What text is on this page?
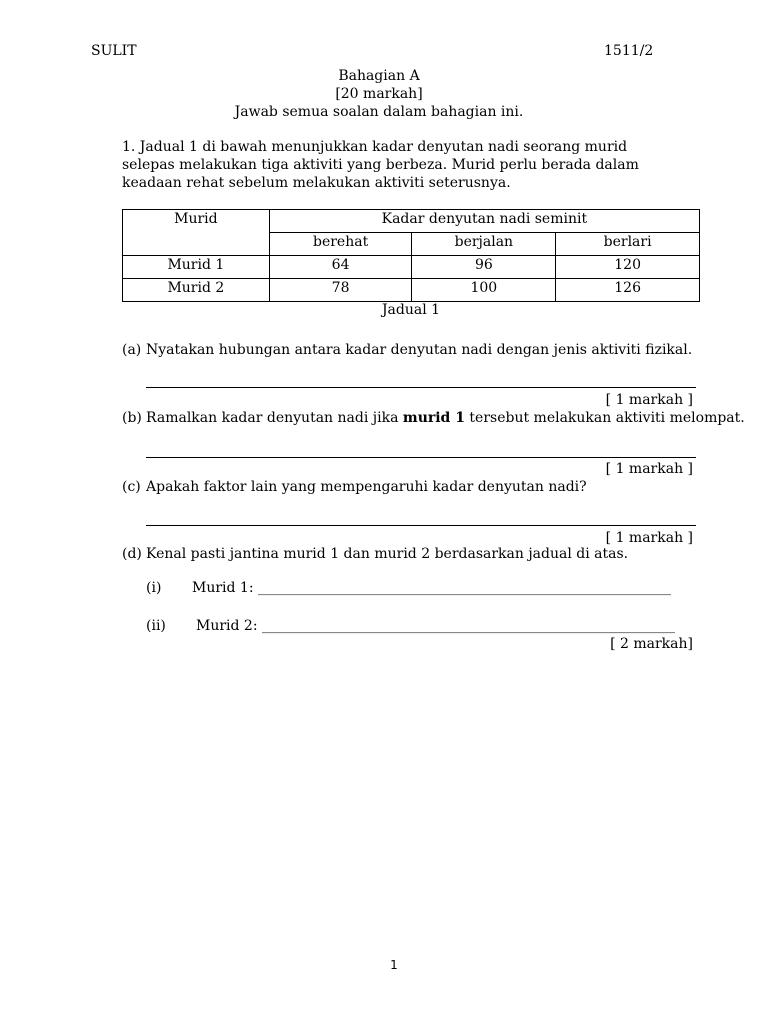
SULIT	1511/2
Bahagian A
[20 markah]
Jawab semua soalan dalam bahagian ini.
1. Jadual 1 di bawah menunjukkan kadar denyutan nadi seorang murid selepas melakukan tiga aktiviti yang berbeza. Murid perlu berada dalam keadaan rehat sebelum melakukan aktiviti seterusnya.
Murid	Kadar denyutan nadi seminit		
	berehat	berjalan	berlari
Murid 1	64	96	120
Murid 2	78	100	126
Jadual 1
(a) Nyatakan hubungan antara kadar denyutan nadi dengan jenis aktiviti fizikal.
[ 1 markah ]
(b) Ramalkan kadar denyutan nadi jika murid 1 tersebut melakukan aktiviti melompat.
[ 1 markah ]
(c) Apakah faktor lain yang mempengaruhi kadar denyutan nadi?
[ 1 markah ]
(d) Kenal pasti jantina murid 1 dan murid 2 berdasarkan jadual di atas.
(i) Murid 1: ___________________________________________________________
(ii) Murid 2: ___________________________________________________________
[ 2 markah]
1
